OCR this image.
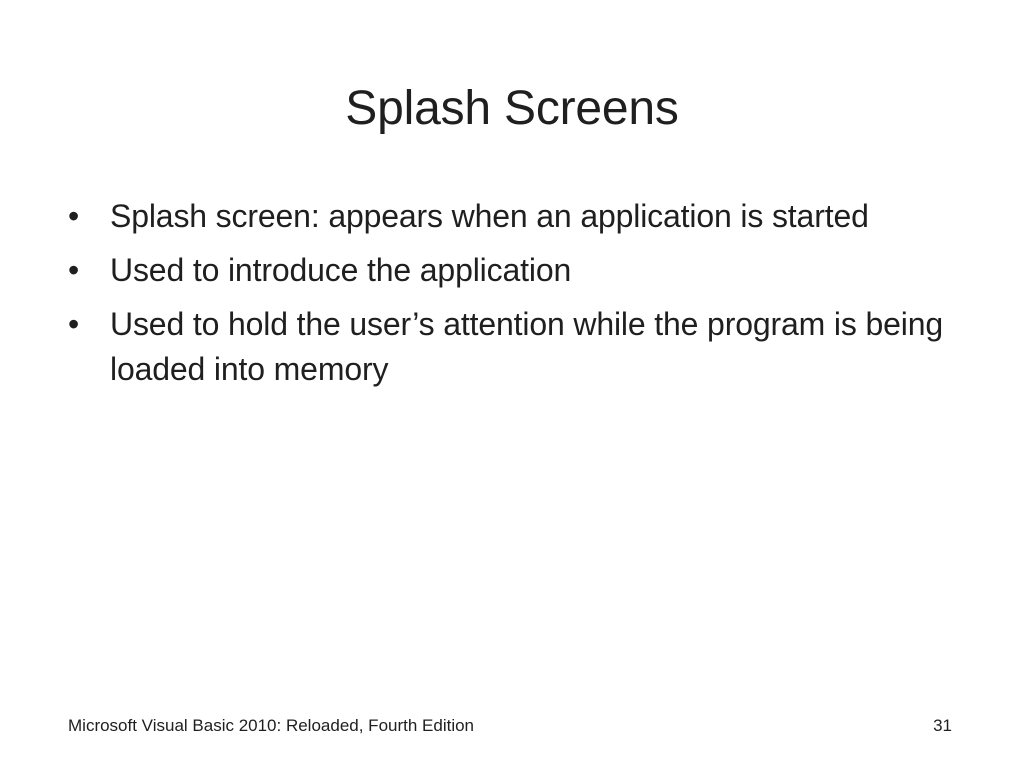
Splash Screens
• Splash screen: appears when an application is started
• Used to introduce the application
• Used to hold the user’s attention while the program is being loaded into memory
Microsoft Visual Basic 2010: Reloaded, Fourth Edition	31
